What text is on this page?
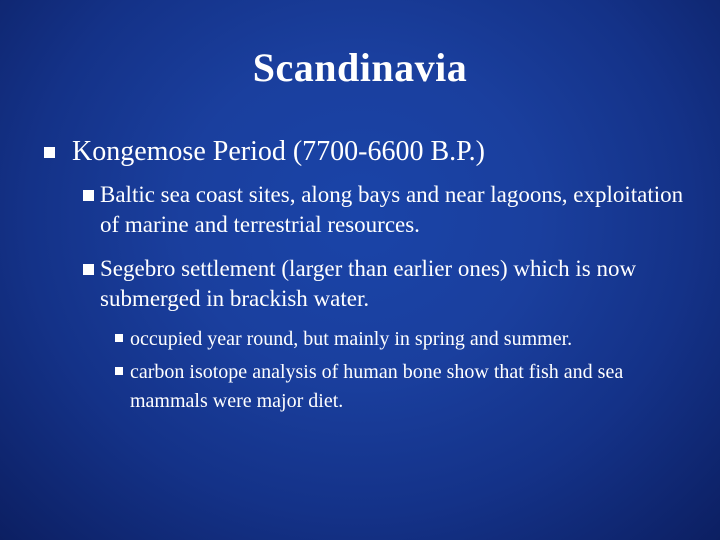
Scandinavia
Kongemose Period (7700-6600 B.P.)
Baltic sea coast sites, along bays and near lagoons, exploitation of marine and terrestrial resources.
Segebro settlement (larger than earlier ones) which is now submerged in brackish water.
occupied year round, but mainly in spring and summer.
carbon isotope analysis of human bone show that fish and sea mammals were major diet.
